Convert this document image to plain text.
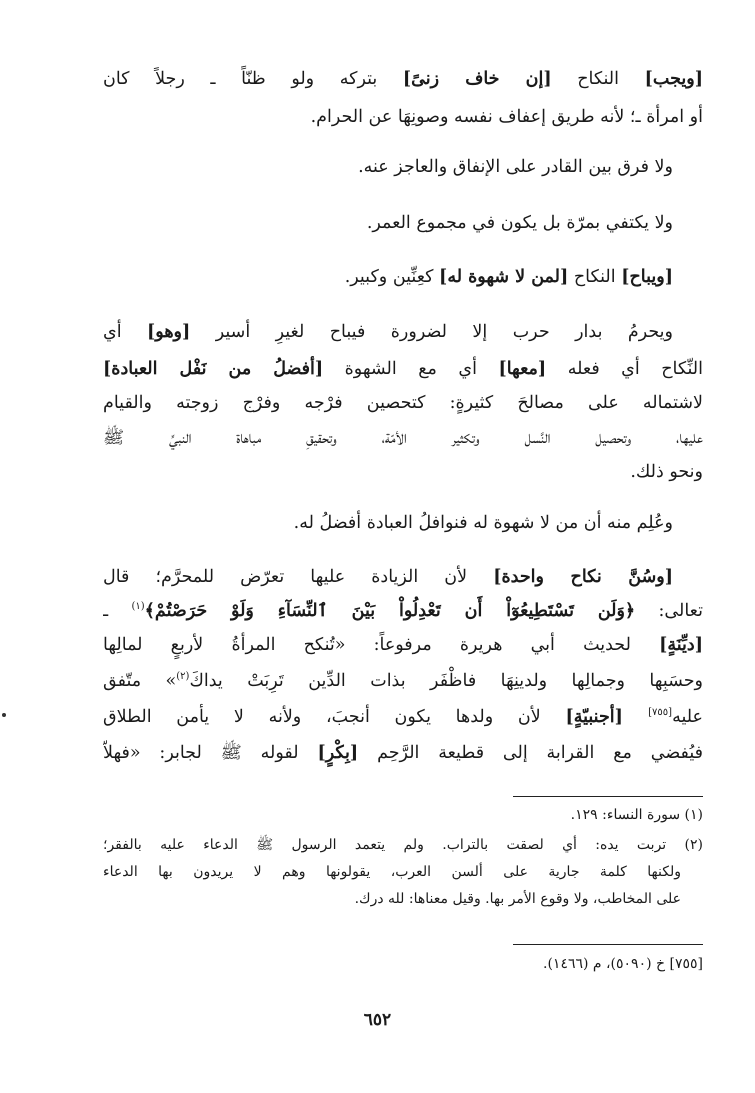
[ويجب] النكاح [إن خاف زنىً] بتركه ولو ظنّاً ـ رجلاً كان
أو امرأة ـ؛ لأنه طريق إعفاف نفسه وصونِهَا عن الحرام.
ولا فرق بين القادر على الإنفاق والعاجز عنه.
ولا يكتفي بمرّة بل يكون في مجموع العمر.
[ويباح] النكاح [لمن لا شهوة له] كعِنِّين وكبير.
ويحرمُ بدار حرب إلا لضرورة فيباح لغيرِ أسير [وهو] أي
النِّكاح أي فعله [معها] أي مع الشهوة [أفضلُ من نَفْل العبادة]
لاشتماله على مصالحَ كثيرةٍ: كتحصين فرْجه وفرْج زوجته والقيام
عليها، وتحصيل النَّسل وتكثير الأمّة، وتحقيقِ مباهاة النبيِّ ﷺ
ونحو ذلك.
وعُلِم منه أن من لا شهوة له فنوافلُ العبادة أفضلُ له.
[وسُنَّ نكاح واحدة] لأن الزيادة عليها تعرّض للمحرَّم؛ قال
تعالى: ﴿وَلَن تَسْتَطِيعُوٓاْ أَن تَعْدِلُواْ بَيْنَ ٱلنِّسَآءِ وَلَوْ حَرَصْتُمْ﴾$^{(١)}$ ـ
[ديِّنَةٍ] لحديث أبي هريرة مرفوعاً: «تُنكح المرأةُ لأربعٍ لمالِها
وحسَبِها وجمالِها ولدينِهَا فاظْفَر بذات الدِّين تَرِبَتْ يداكَ$^{(٢)}$» متّفق
عليه[٧٥٥] [أجنبيّةٍ] لأن ولدها يكون أنجبَ، ولأنه لا يأمن الطلاق
فيُفضي مع القرابة إلى قطيعة الرَّحِم [بِكْرٍ] لقوله ﷺ لجابر: «فهلاّ
(١) سورة النساء: ١٢٩.
(٢) تربت يده: أي لصقت بالتراب. ولم يتعمد الرسول ﷺ الدعاء عليه بالفقر؛
ولكنها كلمة جارية على ألسن العرب، يقولونها وهم لا يريدون بها الدعاء
على المخاطب، ولا وقوع الأمر بها. وقيل معناها: لله درك.
[٧٥٥] خ (٥٠٩٠)، م (١٤٦٦).
٦٥٢
